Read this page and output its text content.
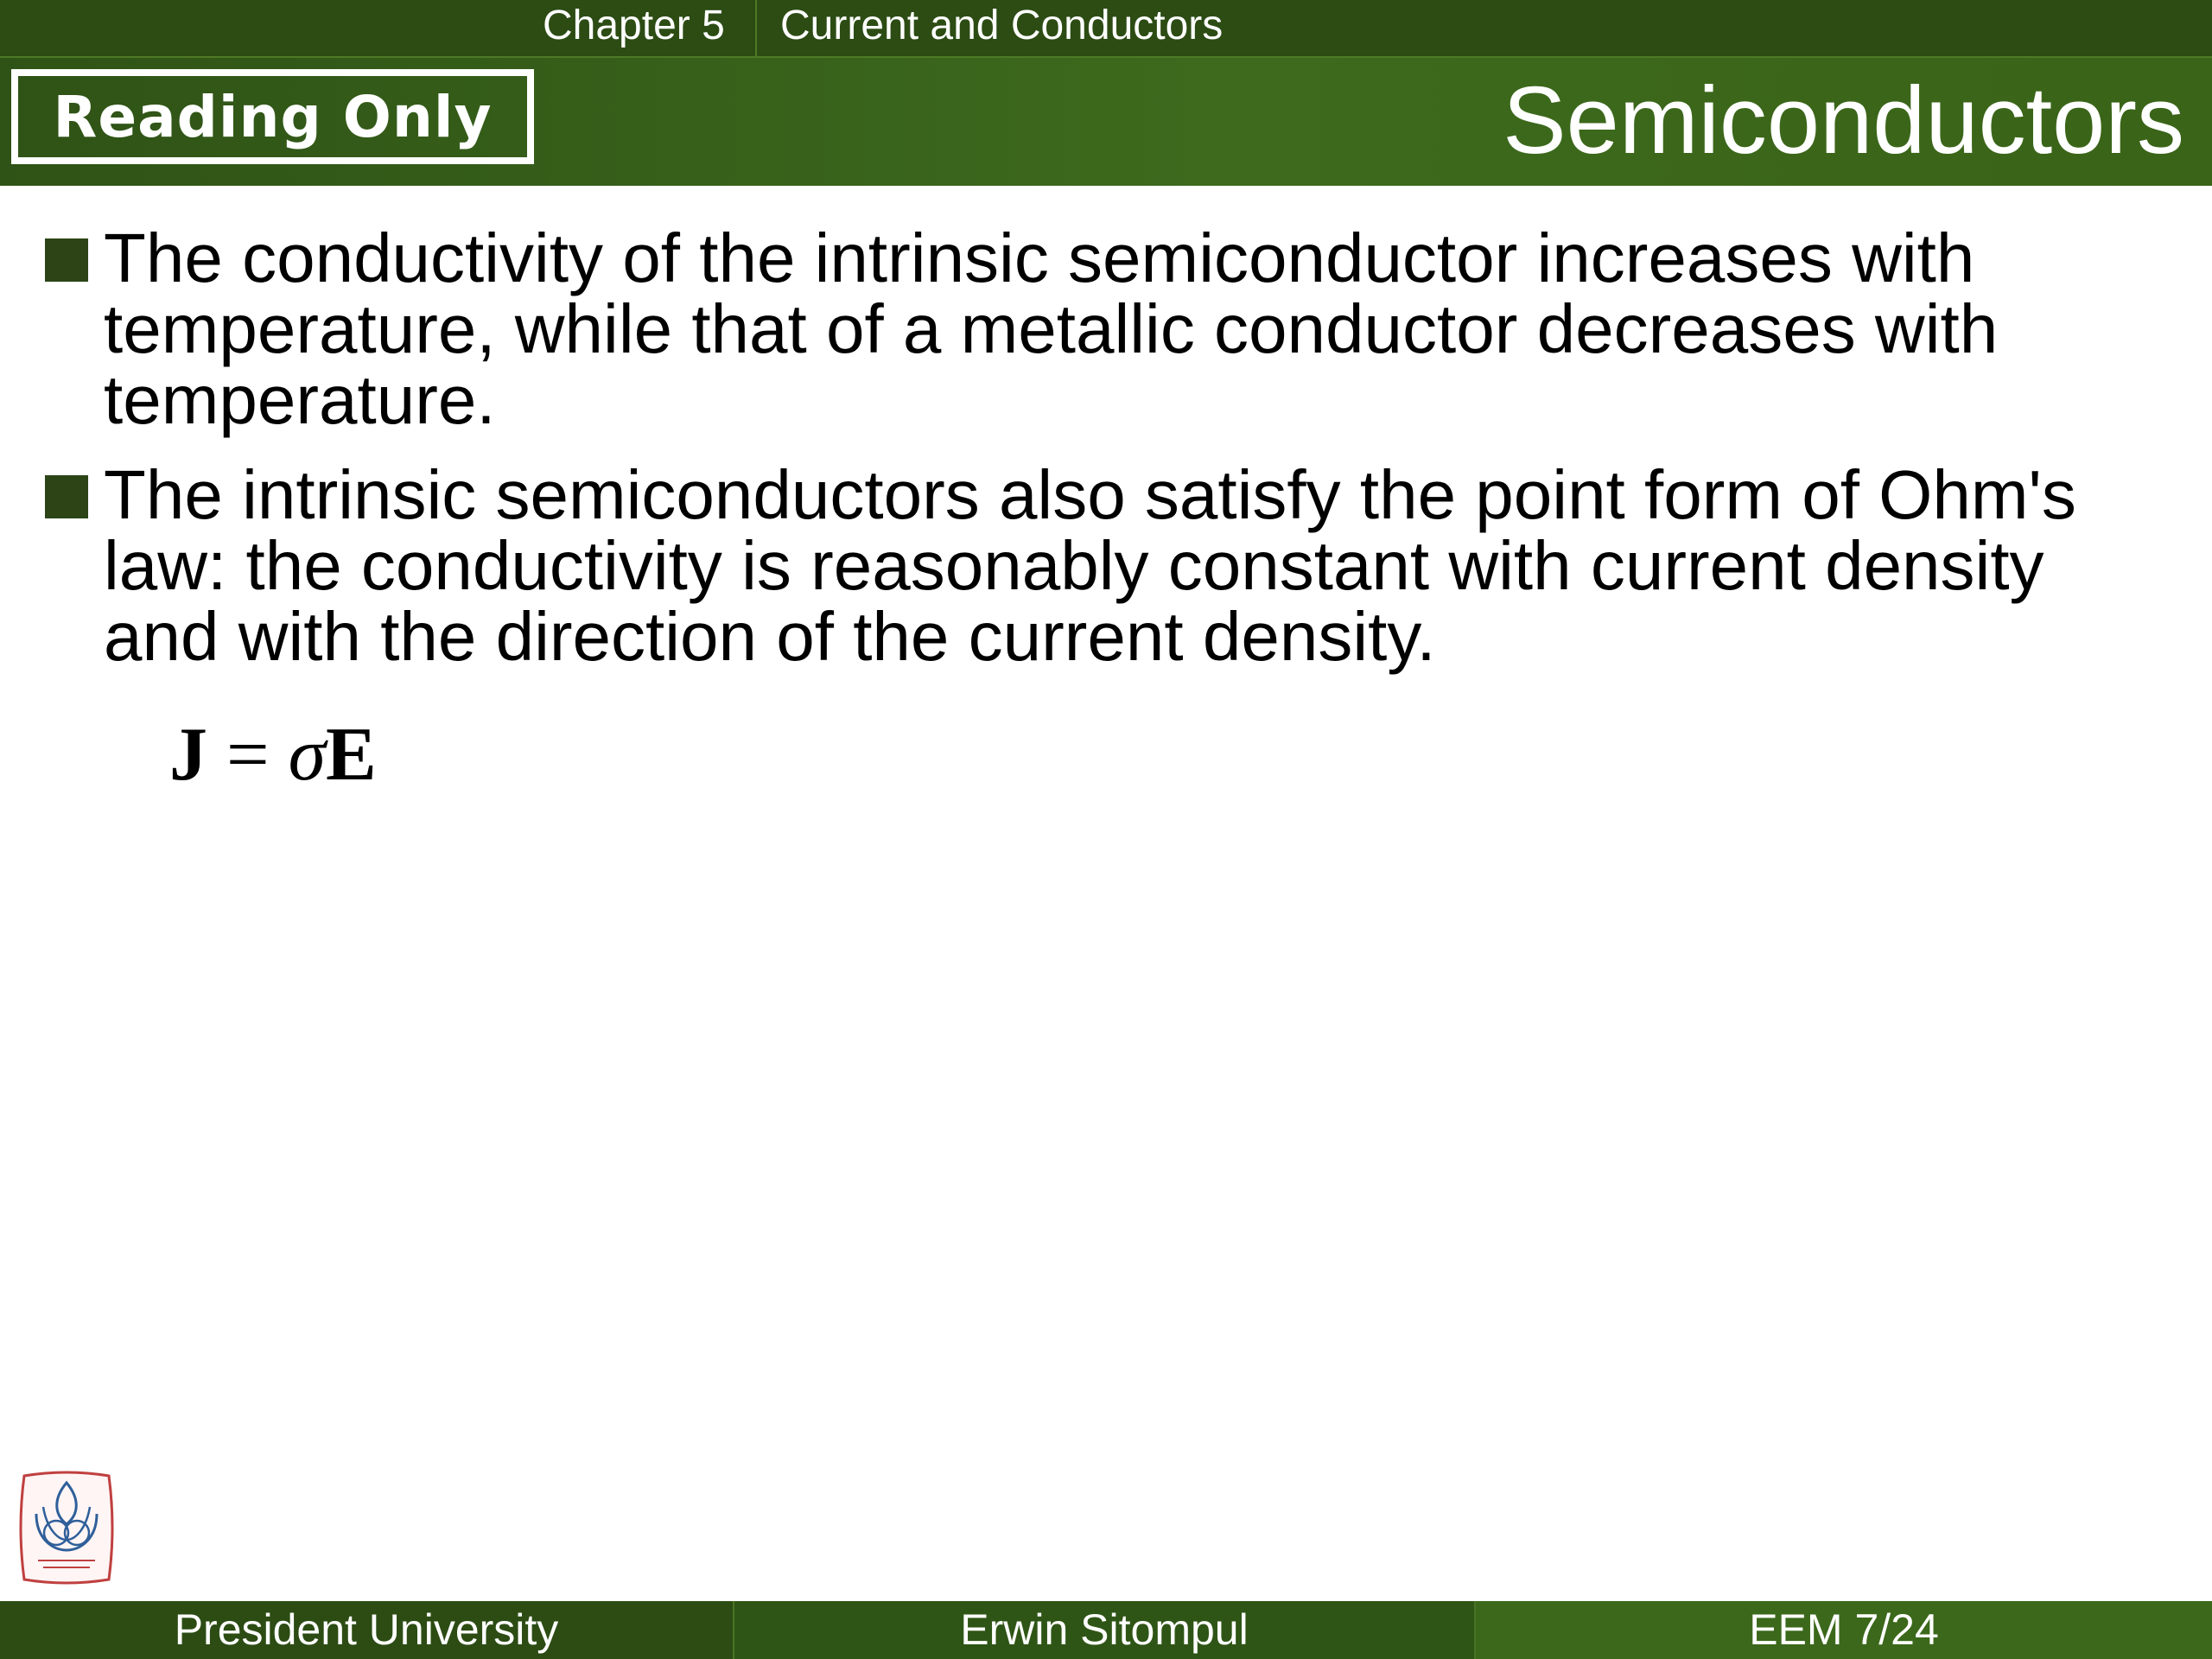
Chapter 5 Current and Conductors
Reading Only	Semiconductors
The conductivity of the intrinsic semiconductor increases with temperature, while that of a metallic conductor decreases with temperature.
The intrinsic semiconductors also satisfy the point form of Ohm's law: the conductivity is reasonably constant with current density and with the direction of the current density.
J = σE
President University	Erwin Sitompul	EEM 7/24
